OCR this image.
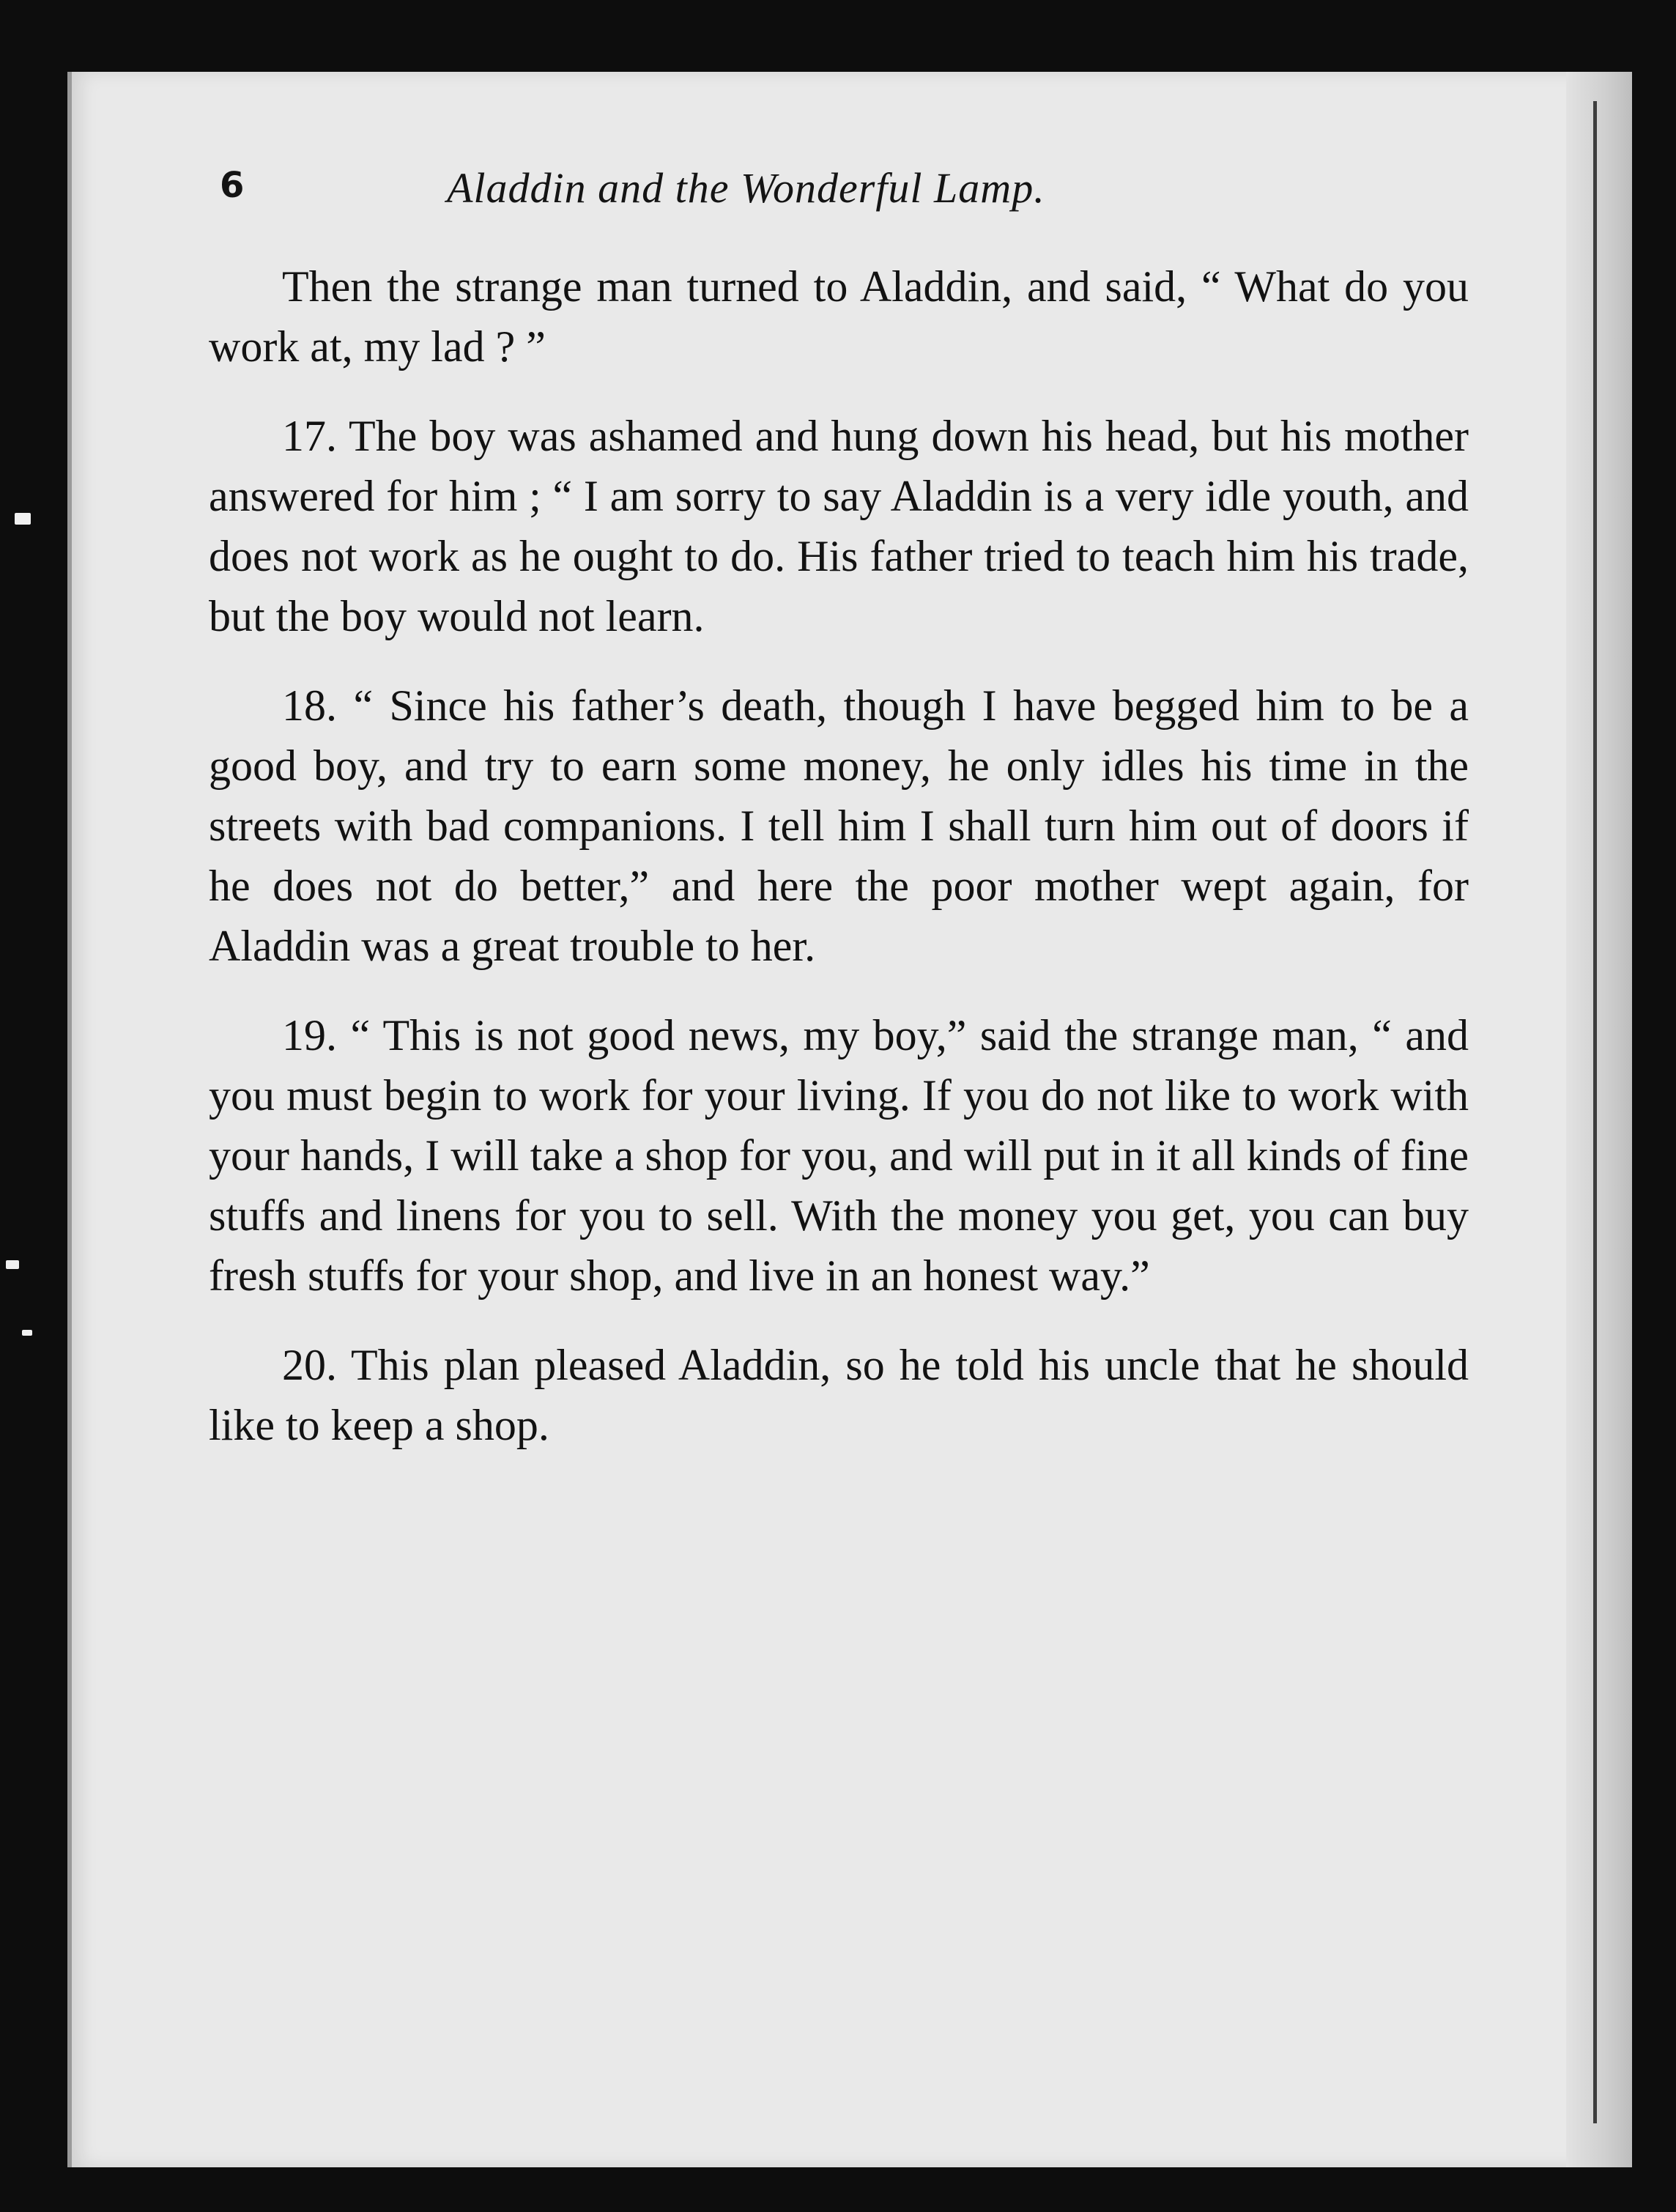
6	Aladdin and the Wonderful Lamp.

Then the strange man turned to Aladdin, and said, “ What do you work at, my lad ? ”

17. The boy was ashamed and hung down his head, but his mother answered for him ; “ I am sorry to say Aladdin is a very idle youth, and does not work as he ought to do. His father tried to teach him his trade, but the boy would not learn.

18. “ Since his father’s death, though I have begged him to be a good boy, and try to earn some money, he only idles his time in the streets with bad companions. I tell him I shall turn him out of doors if he does not do better,” and here the poor mother wept again, for Aladdin was a great trouble to her.

19. “ This is not good news, my boy,” said the strange man, “ and you must begin to work for your living. If you do not like to work with your hands, I will take a shop for you, and will put in it all kinds of fine stuffs and linens for you to sell. With the money you get, you can buy fresh stuffs for your shop, and live in an honest way.”

20. This plan pleased Aladdin, so he told his uncle that he should like to keep a shop.
